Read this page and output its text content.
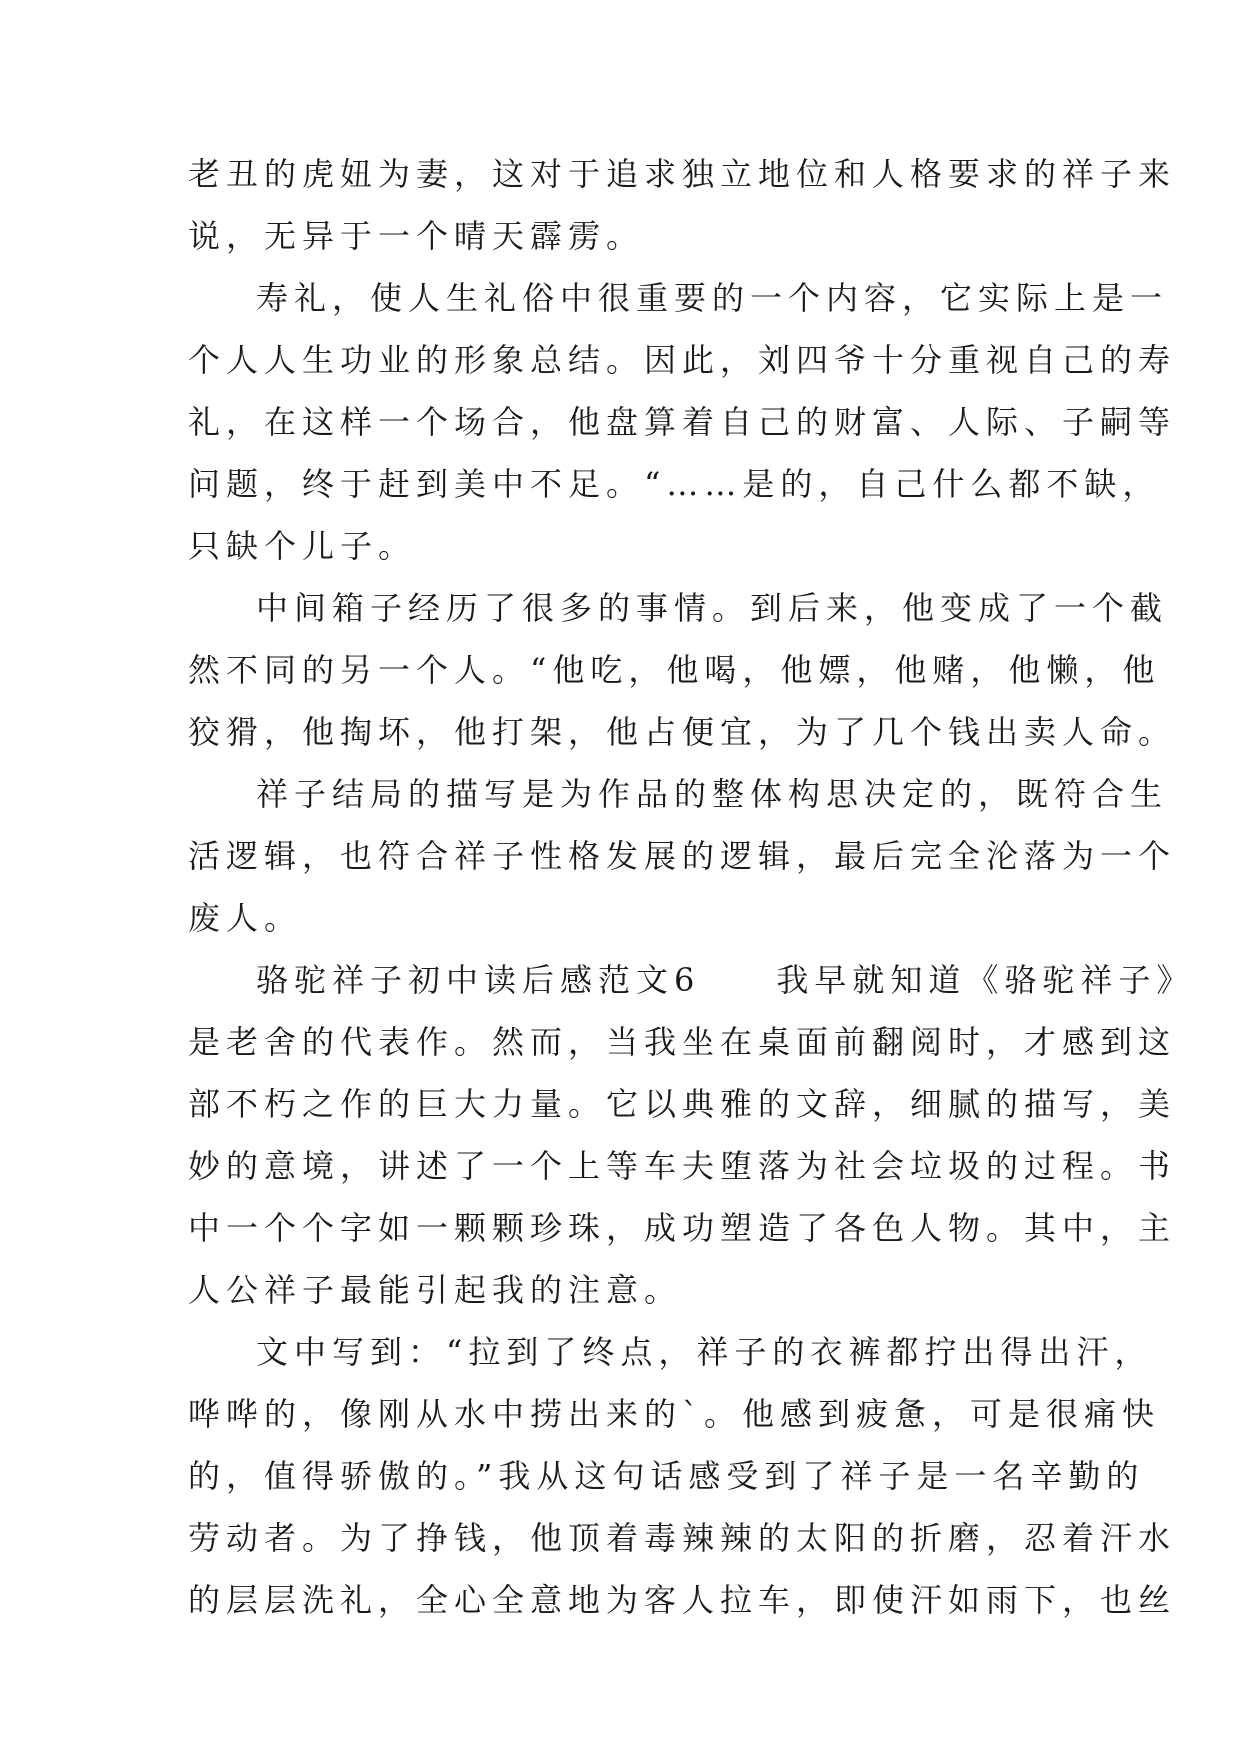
老丑的虎妞为妻，这对于追求独立地位和人格要求的祥子来
说，无异于一个晴天霹雳。
寿礼，使人生礼俗中很重要的一个内容，它实际上是一
个人人生功业的形象总结。因此，刘四爷十分重视自己的寿
礼，在这样一个场合，他盘算着自己的财富、人际、子嗣等
问题，终于赶到美中不足。“……是的，自己什么都不缺，
只缺个儿子。
中间箱子经历了很多的事情。到后来，他变成了一个截
然不同的另一个人。“他吃，他喝，他嫖，他赌，他懒，他
狡猾，他掏坏，他打架，他占便宜，为了几个钱出卖人命。
祥子结局的描写是为作品的整体构思决定的，既符合生
活逻辑，也符合祥子性格发展的逻辑，最后完全沦落为一个
废人。
骆驼祥子初中读后感范文6　　我早就知道《骆驼祥子》
是老舍的代表作。然而，当我坐在桌面前翻阅时，才感到这
部不朽之作的巨大力量。它以典雅的文辞，细腻的描写，美
妙的意境，讲述了一个上等车夫堕落为社会垃圾的过程。书
中一个个字如一颗颗珍珠，成功塑造了各色人物。其中，主
人公祥子最能引起我的注意。
文中写到：“拉到了终点，祥子的衣裤都拧出得出汗，
哗哗的，像刚从水中捞出来的`。他感到疲惫，可是很痛快
的，值得骄傲的。”我从这句话感受到了祥子是一名辛勤的
劳动者。为了挣钱，他顶着毒辣辣的太阳的折磨，忍着汗水
的层层洗礼，全心全意地为客人拉车，即使汗如雨下，也丝
